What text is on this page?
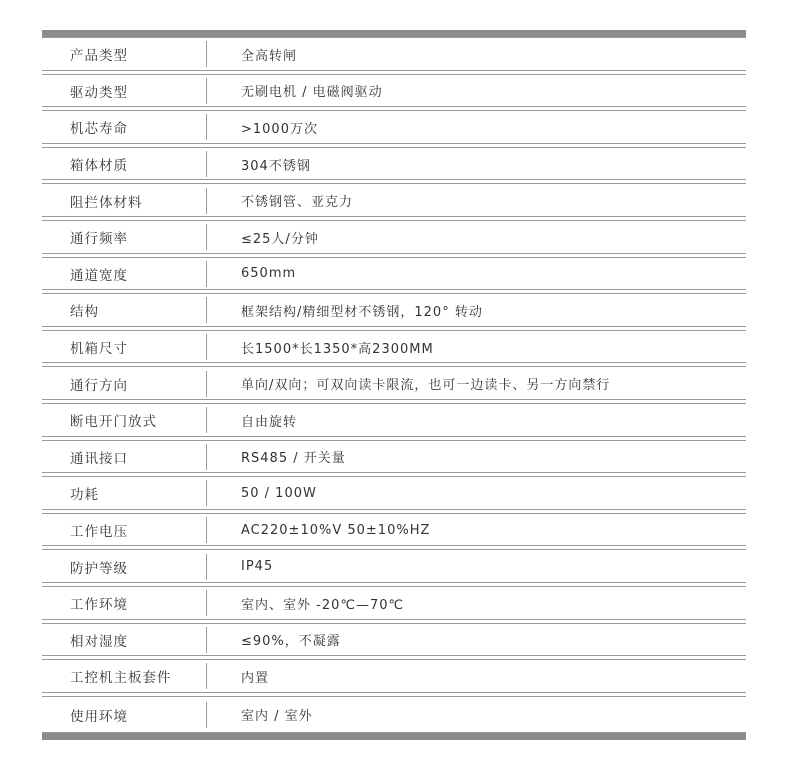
产品类型	全高转闸
驱动类型	无刷电机 / 电磁阀驱动
机芯寿命	>1000万次
箱体材质	304不锈钢
阻拦体材料	不锈钢管、亚克力
通行频率	≤25人/分钟
通道宽度	650mm
结构	框架结构/精细型材不锈钢，120° 转动
机箱尺寸	长1500*长1350*高2300MM
通行方向	单向/双向；可双向读卡限流，也可一边读卡、另一方向禁行
断电开门放式	自由旋转
通讯接口	RS485 / 开关量
功耗	50 / 100W
工作电压	AC220±10%V 50±10%HZ
防护等级	IP45
工作环境	室内、室外 -20℃—70℃
相对湿度	≤90%，不凝露
工控机主板套件	内置
使用环境	室内 / 室外
